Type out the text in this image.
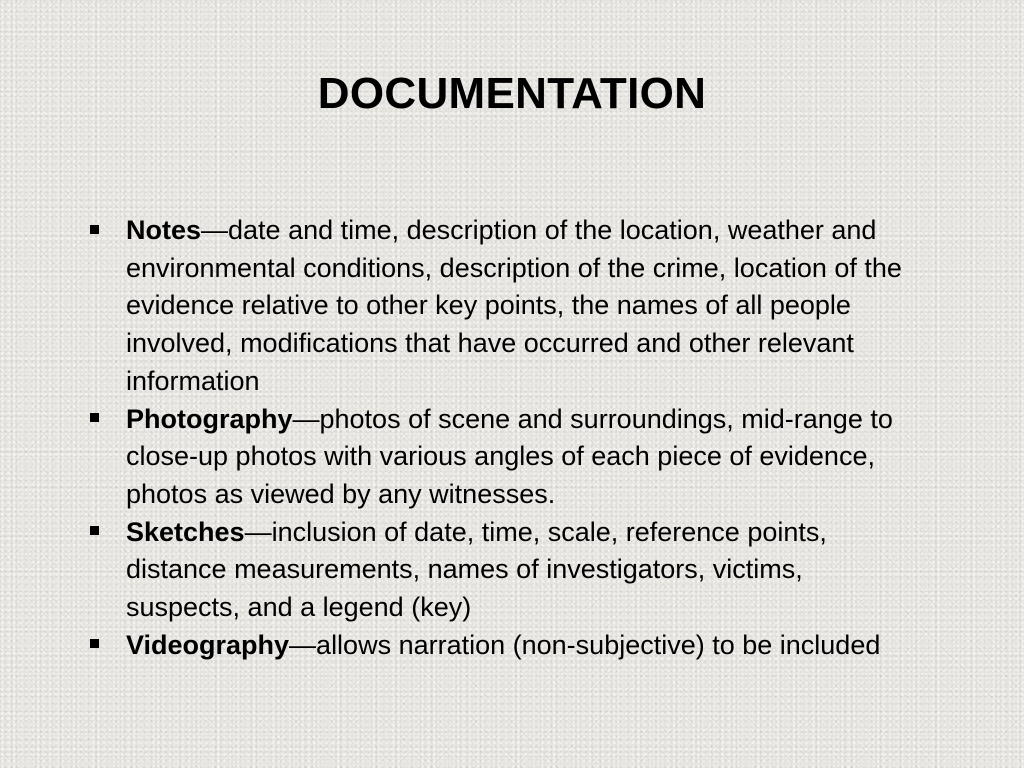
DOCUMENTATION
Notes—date and time, description of the location, weather and environmental conditions, description of the crime, location of the evidence relative to other key points, the names of all people involved, modifications that have occurred and other relevant information
Photography—photos of scene and surroundings, mid-range to close-up photos with various angles of each piece of evidence, photos as viewed by any witnesses.
Sketches—inclusion of date, time, scale, reference points, distance measurements, names of investigators, victims, suspects, and a legend (key)
Videography—allows narration (non-subjective) to be included
